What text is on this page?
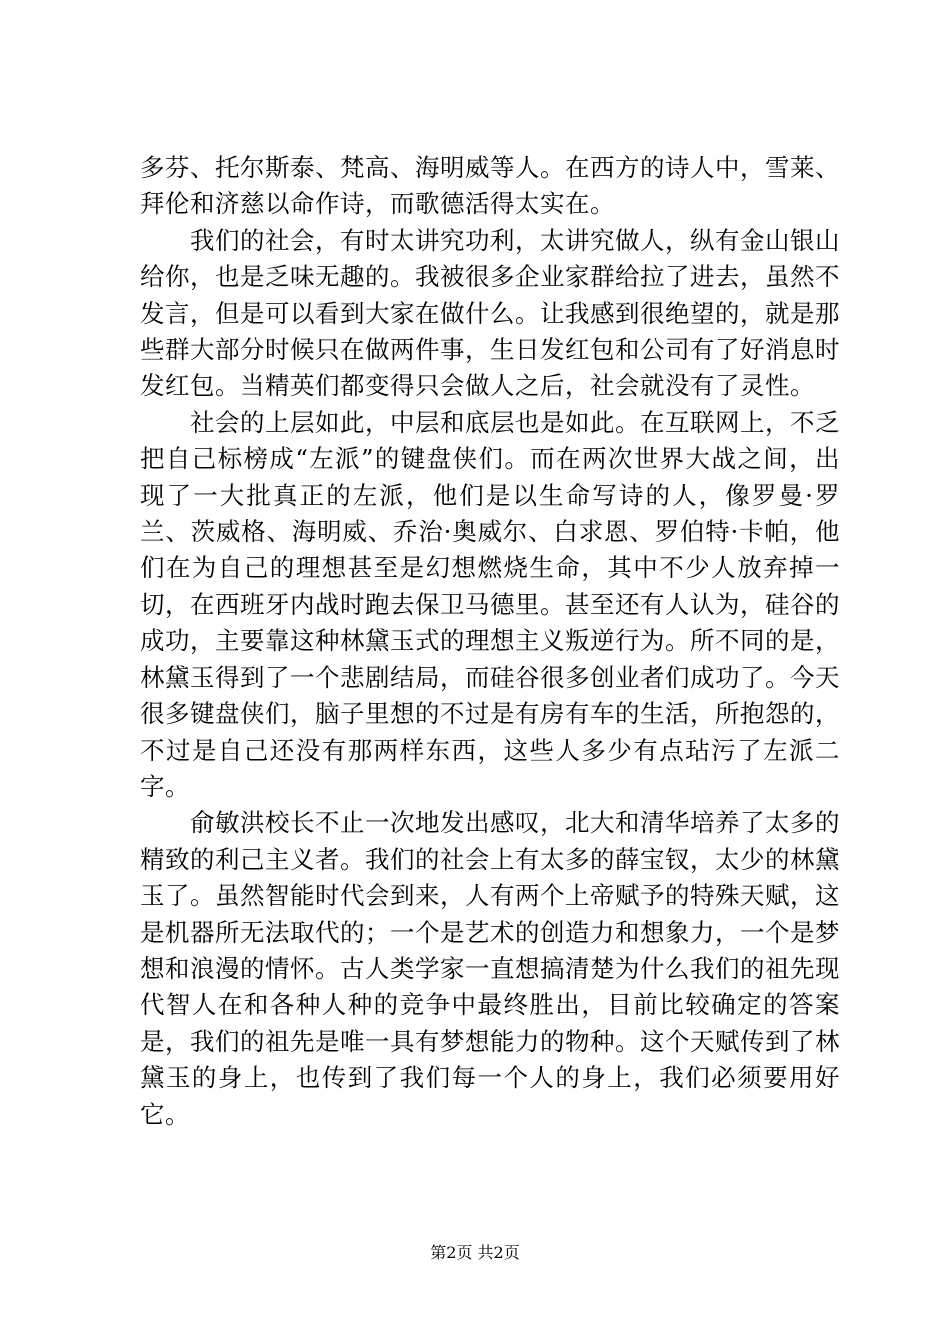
多芬、托尔斯泰、梵高、海明威等人。在西方的诗人中，雪莱、拜伦和济慈以命作诗，而歌德活得太实在。

我们的社会，有时太讲究功利，太讲究做人，纵有金山银山给你，也是乏味无趣的。我被很多企业家群给拉了进去，虽然不发言，但是可以看到大家在做什么。让我感到很绝望的，就是那些群大部分时候只在做两件事，生日发红包和公司有了好消息时发红包。当精英们都变得只会做人之后，社会就没有了灵性。

社会的上层如此，中层和底层也是如此。在互联网上，不乏把自己标榜成“左派”的键盘侠们。而在两次世界大战之间，出现了一大批真正的左派，他们是以生命写诗的人，像罗曼·罗兰、茨威格、海明威、乔治·奥威尔、白求恩、罗伯特·卡帕，他们在为自己的理想甚至是幻想燃烧生命，其中不少人放弃掉一切，在西班牙内战时跑去保卫马德里。甚至还有人认为，硅谷的成功，主要靠这种林黛玉式的理想主义叛逆行为。所不同的是，林黛玉得到了一个悲剧结局，而硅谷很多创业者们成功了。今天很多键盘侠们，脑子里想的不过是有房有车的生活，所抱怨的，不过是自己还没有那两样东西，这些人多少有点玷污了左派二字。

俞敏洪校长不止一次地发出感叹，北大和清华培养了太多的精致的利己主义者。我们的社会上有太多的薛宝钗，太少的林黛玉了。虽然智能时代会到来，人有两个上帝赋予的特殊天赋，这是机器所无法取代的；一个是艺术的创造力和想象力，一个是梦想和浪漫的情怀。古人类学家一直想搞清楚为什么我们的祖先现代智人在和各种人种的竞争中最终胜出，目前比较确定的答案是，我们的祖先是唯一具有梦想能力的物种。这个天赋传到了林黛玉的身上，也传到了我们每一个人的身上，我们必须要用好它。

第2页 共2页
